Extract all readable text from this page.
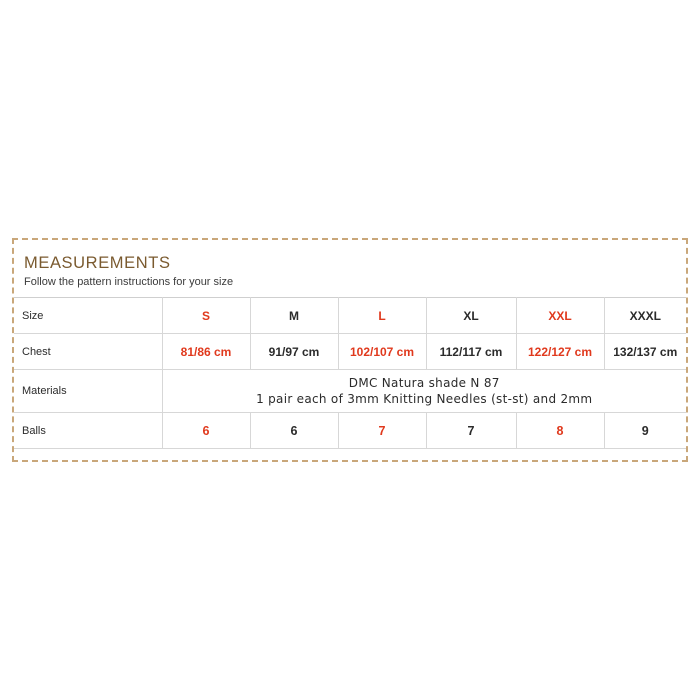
MEASUREMENTS
Follow the pattern instructions for your size
Size	S	M	L	XL	XXL	XXXL
Chest	81/86 cm	91/97 cm	102/107 cm	112/117 cm	122/127 cm	132/137 cm
Materials	DMC Natura shade N 87
1 pair each of 3mm Knitting Needles (st-st) and 2mm					

Balls	6	6	7	7	8	9
